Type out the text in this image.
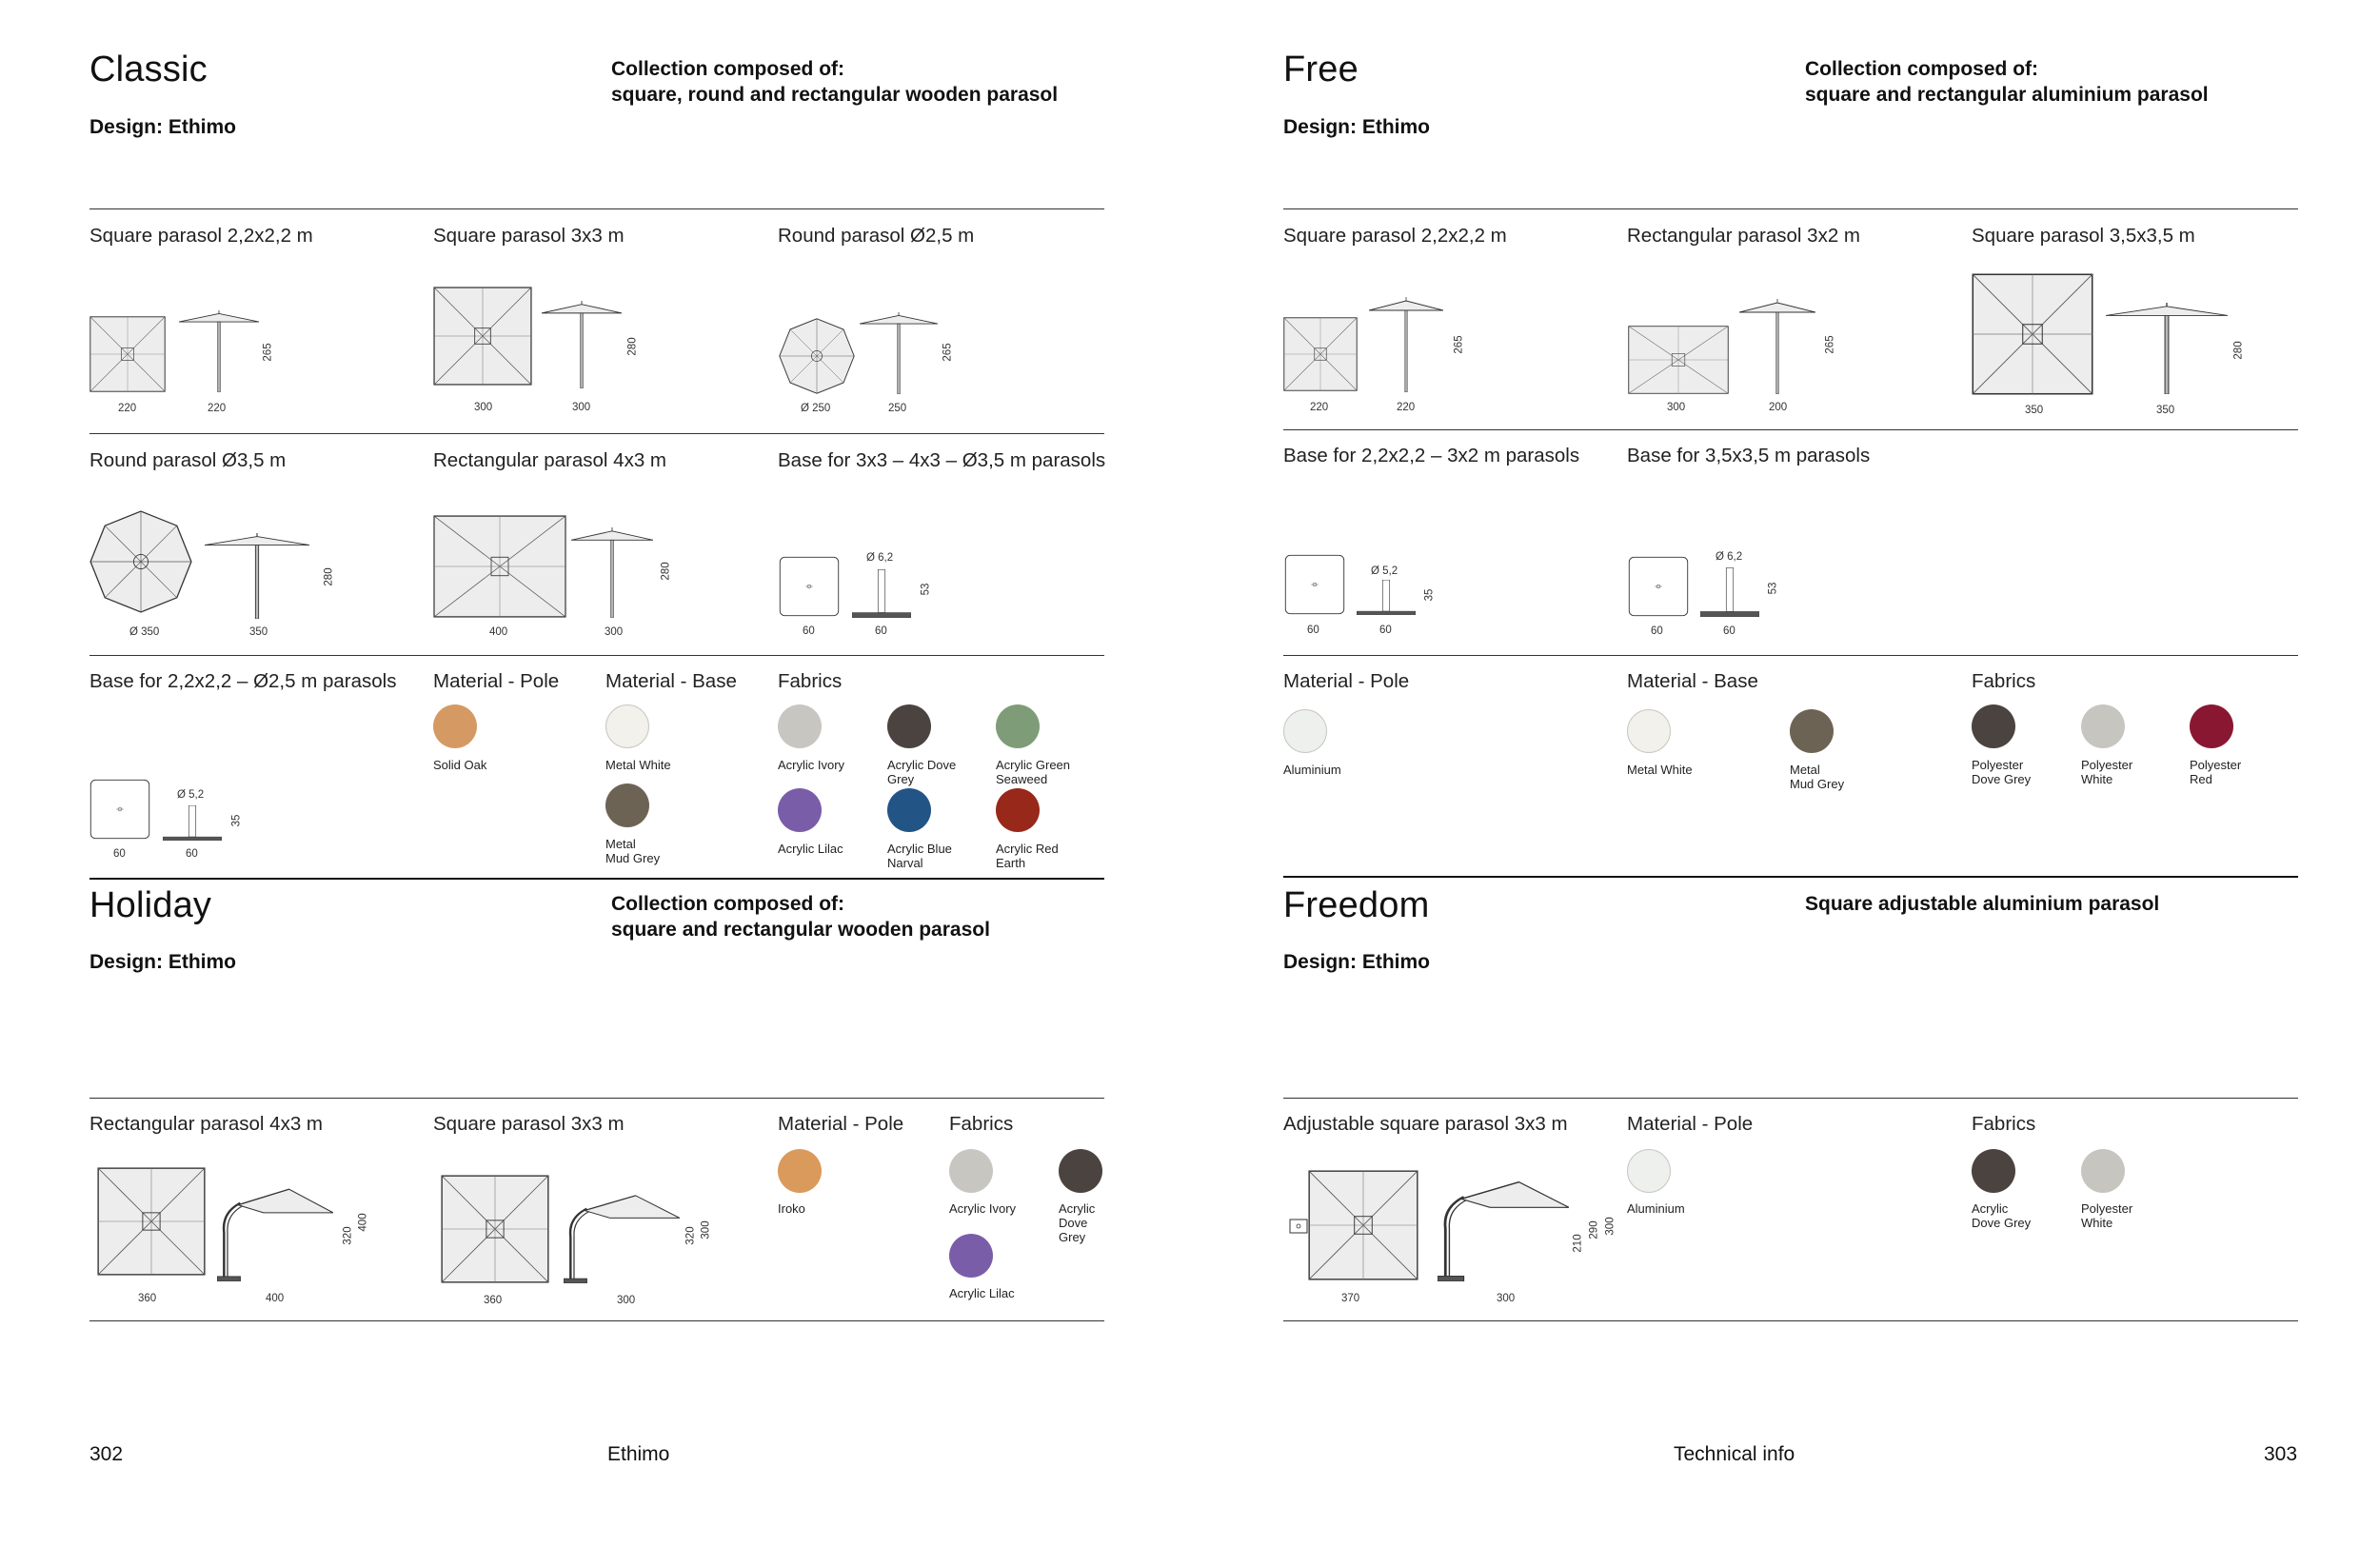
Classic
Design: Ethimo
Collection composed of:
square, round and rectangular wooden parasol
Square parasol 2,2x2,2 m
220	220
265
Square parasol 3x3 m
300	300
280
Round parasol Ø2,5 m
Ø 250	250
265
Round parasol Ø3,5 m
Ø 350	350
280
Rectangular parasol 4x3 m
400	300
280
Base for 3x3 – 4x3 – Ø3,5 m parasols
Ø 6,2
60	60
53
Base for 2,2x2,2 – Ø2,5 m parasols
Ø 5,2
60	60
35
Material - Pole
Solid Oak
Material - Base
Metal White
Metal
Mud Grey
Fabrics
Acrylic Ivory	Acrylic Dove
Grey
Acrylic Green
Seaweed
Acrylic Lilac	Acrylic Blue
Narval
Acrylic Red
Earth
Holiday
Design: Ethimo
Collection composed of:
square and rectangular wooden parasol
Rectangular parasol 4x3 m
360	400
320
400
Square parasol 3x3 m
360	300
320 300
Material - Pole
Iroko
Fabrics
Acrylic Ivory	Acrylic
Dove
Grey
Acrylic Lilac
Free
Design: Ethimo
Collection composed of:
square and rectangular aluminium parasol
Square parasol 2,2x2,2 m
220	220
265
Rectangular parasol 3x2 m
300	200
265
Square parasol 3,5x3,5 m
350	350
280
Base for 2,2x2,2 – 3x2 m parasols
Ø 5,2
60	60
35
Base for 3,5x3,5 m parasols
Ø 6,2
60	60
53
Material - Pole
Aluminium
Material - Base
Metal White	Metal
Mud Grey
Fabrics
Polyester
Dove Grey
Polyester
White
Polyester
Red
Freedom
Design: Ethimo
Square adjustable aluminium parasol
Adjustable square parasol 3x3 m
370	300
210
290 300
Material - Pole
Aluminium
Fabrics
Acrylic
Dove Grey
Polyester
White
302	Ethimo	Technical info	303
